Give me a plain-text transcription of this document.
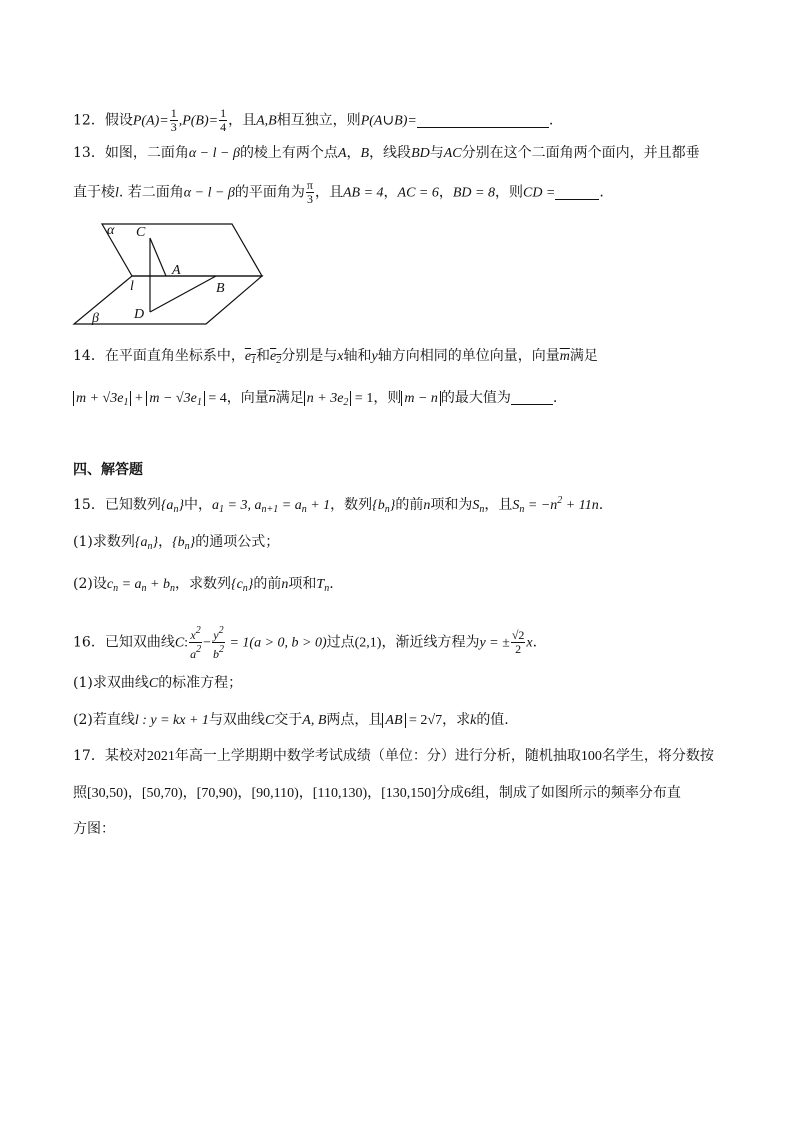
12．假设$P(A)= \frac{1}{3} ,P(B)= \frac{1}{4}$ ，且A,B相互独立，则P(A∪B)=	.
13．如图，二面角α − l − β的棱上有两个点A，B，线段BD与AC分别在这个二面角两个面内，并且都垂
直于棱l. 若二面角α − l − β的平面角为 $\frac{\pi}{3}$ ，且AB = 4，AC = 6，BD = 8，则CD =	.
α C
A
l	B
β	D
14．在平面直角坐标系中，$e_1$和$e_2$分别是与x轴和y轴方向相同的单位向量，向量$\overline{m}$满足
$m + √3e_1 + m - √3e_1 = 4$，向量$\overline{n}$满足 $n + 3e_2 = 1$，则 m − n 的最大值为	.
四、解答题
15．已知数列$\{a_n\}$中，$a_1 = 3$, $a_{n+1} = a_n + 1$，数列$\{b_n\}$的前n项和为$S_n$，且$S_n = -n^2 + 11n$.
(1)求数列$\{a_n\}$，$\{b_n\}$的通项公式；
(2)设$c_n = a_n + b_n$，求数列$\{c_n\}$的前n项和$T_n$.
16．已知双曲线C: $\frac{x^2}{a^2} - \frac{y^2}{b^2} = 1(a > 0$, b > 0)过点(2,1)，渐近线方程为y = ± $\frac{√2}{2} x$.
(1)求双曲线C的标准方程；
(2)若直线l : y = kx + 1与双曲线C交于A, B两点，且 AB = 2√7，求k的值.
17．某校对2021年高一上学期期中数学考试成绩（单位：分）进行分析，随机抽取100名学生，将分数按
照[30,50)，[50,70)，[70,90)，[90,110)，[110,130)，[130,150]分成6组，制成了如图所示的频率分布直
方图：
